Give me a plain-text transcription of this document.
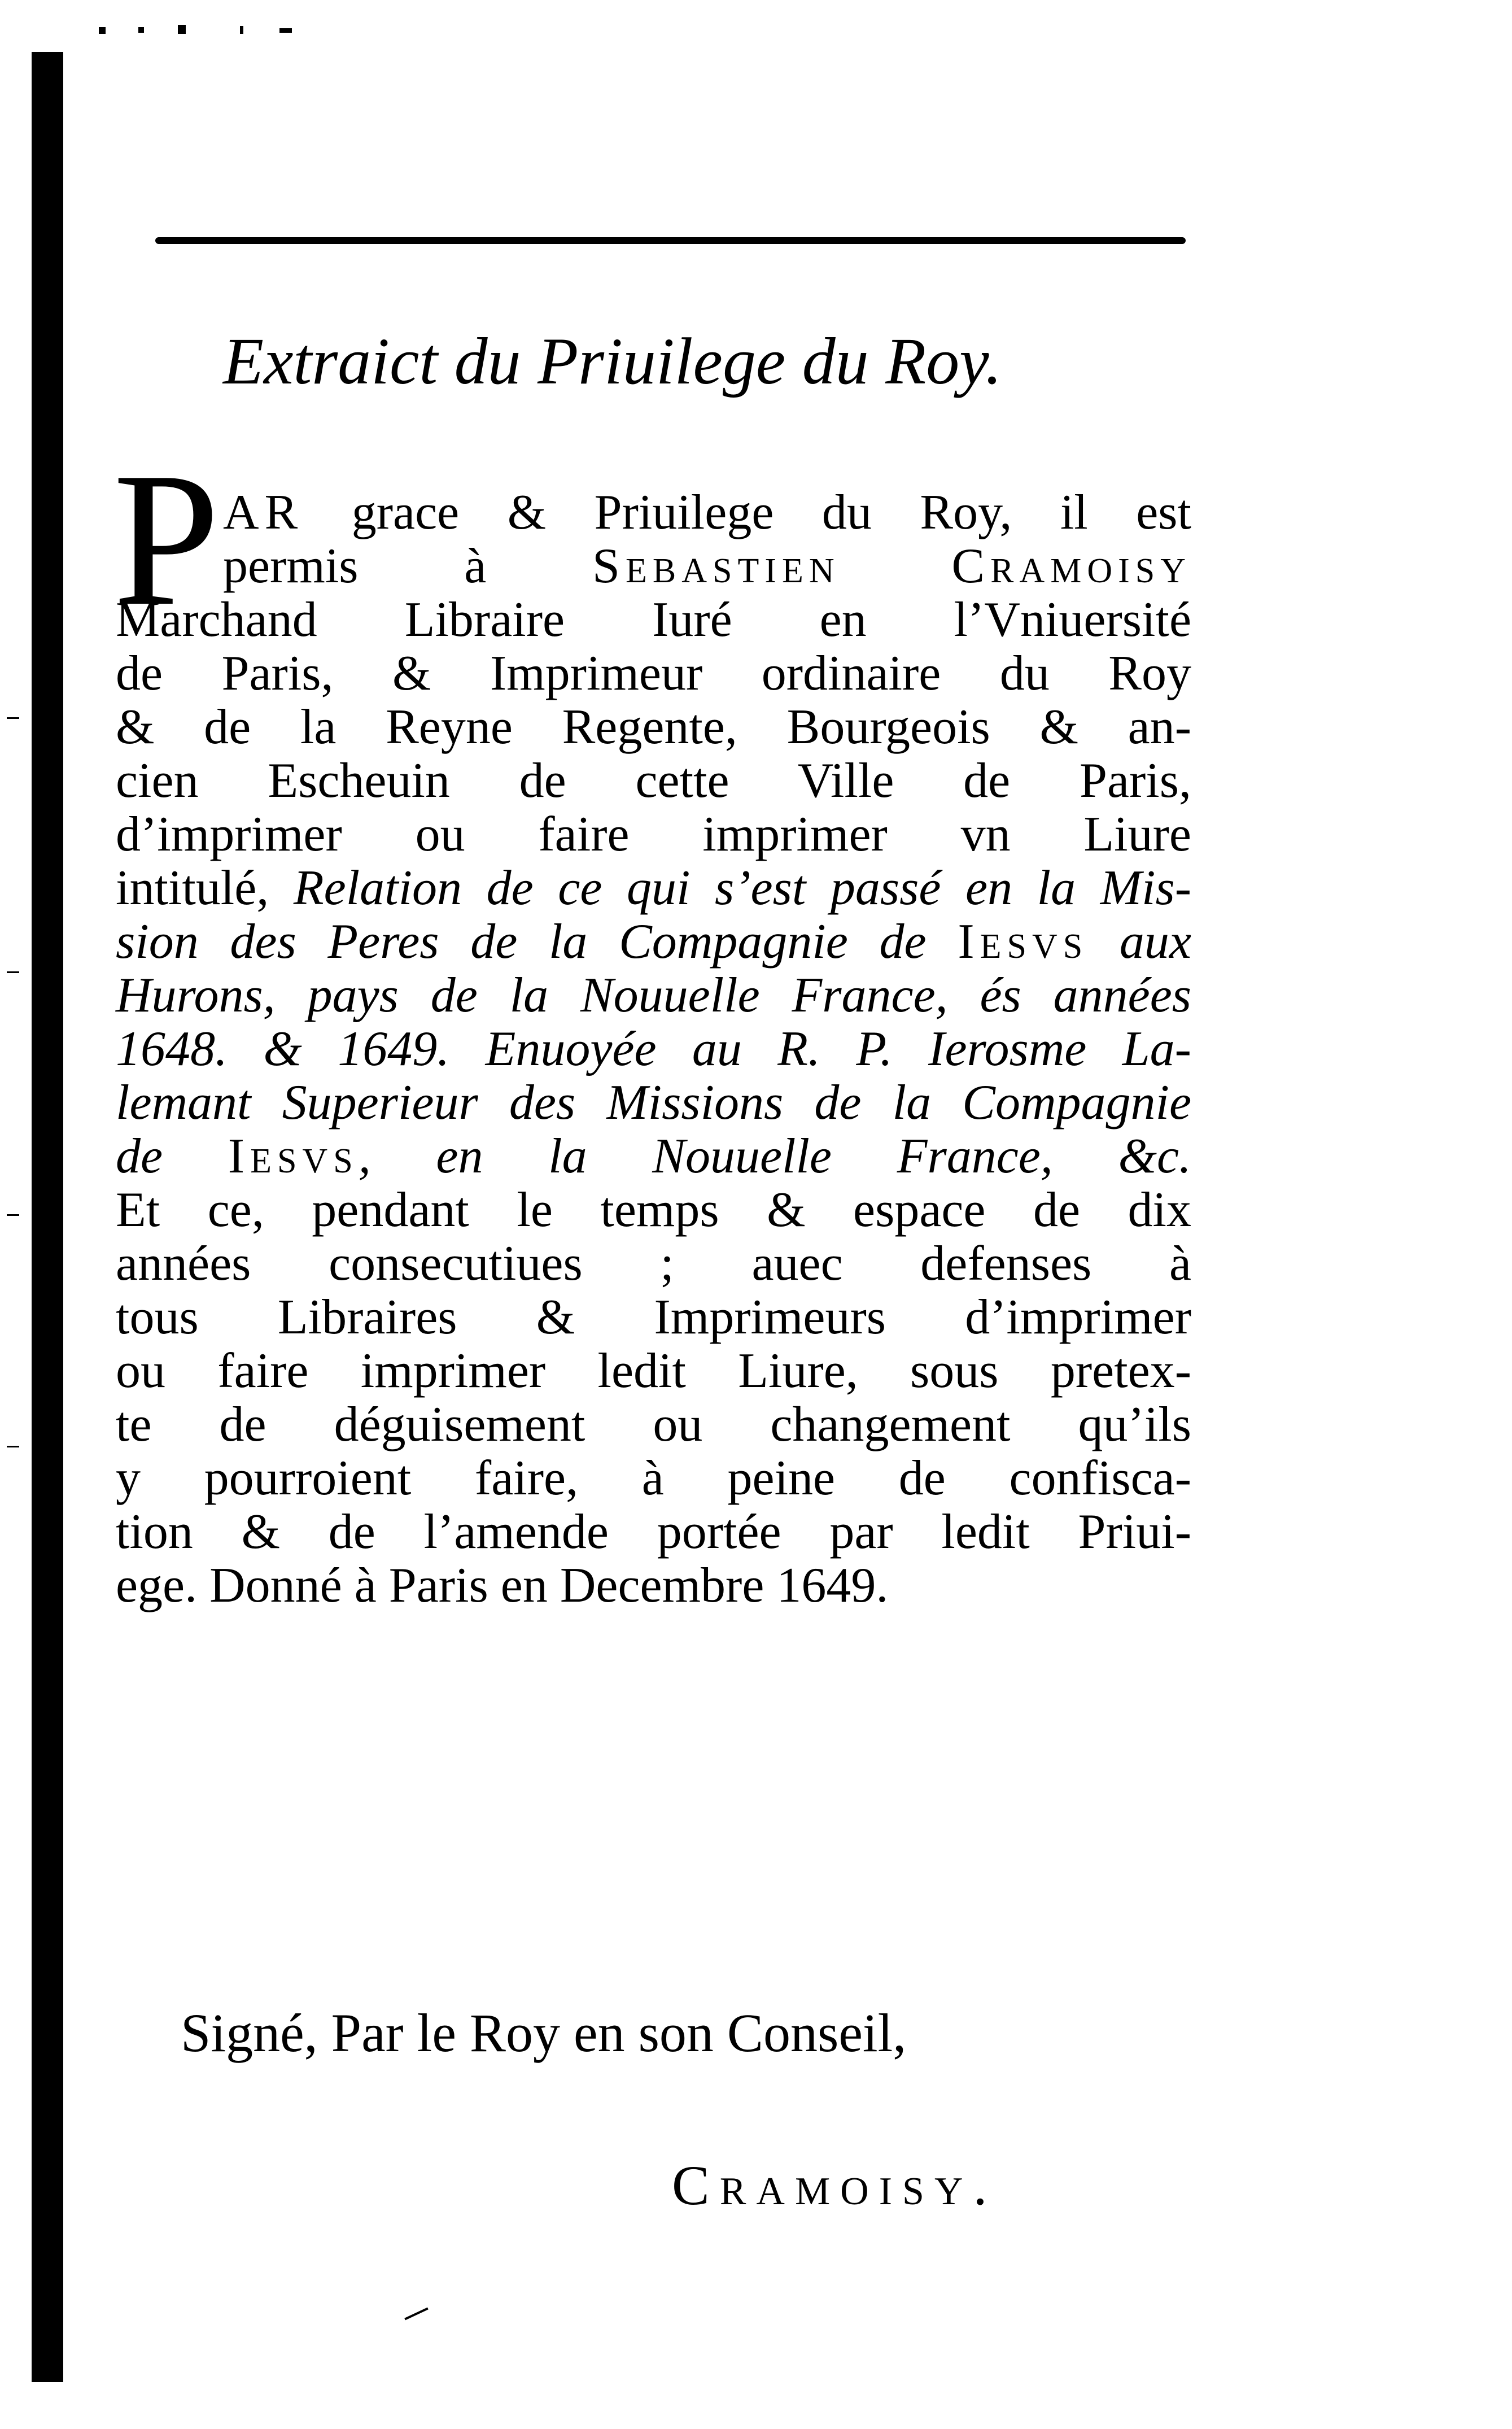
Extraict du Priuilege du Roy.
P AR grace & Priuilege du Roy, il est
permis à Sebastien Cramoisy
Marchand Libraire Iuré en l’Vniuersité
de Paris, & Imprimeur ordinaire du Roy
& de la Reyne Regente, Bourgeois & an-
cien Escheuin de cette Ville de Paris,
d’imprimer ou faire imprimer vn Liure
intitulé, Relation de ce qui s’est passé en la Mis-
sion des Peres de la Compagnie de Iesvs aux
Hurons, pays de la Nouuelle France, és années
1648. & 1649. Enuoyée au R. P. Ierosme La-
lemant Superieur des Missions de la Compagnie
de Iesvs, en la Nouuelle France, &c.
Et ce, pendant le temps & espace de dix
années consecutiues ; auec defenses à
tous Libraires & Imprimeurs d’imprimer
ou faire imprimer ledit Liure, sous pretex-
te de déguisement ou changement qu’ils
y pourroient faire, à peine de confisca-
tion & de l’amende portée par ledit Priui-
ege. Donné à Paris en Decembre 1649.
Signé, Par le Roy en son Conseil,
Cramoisy.
